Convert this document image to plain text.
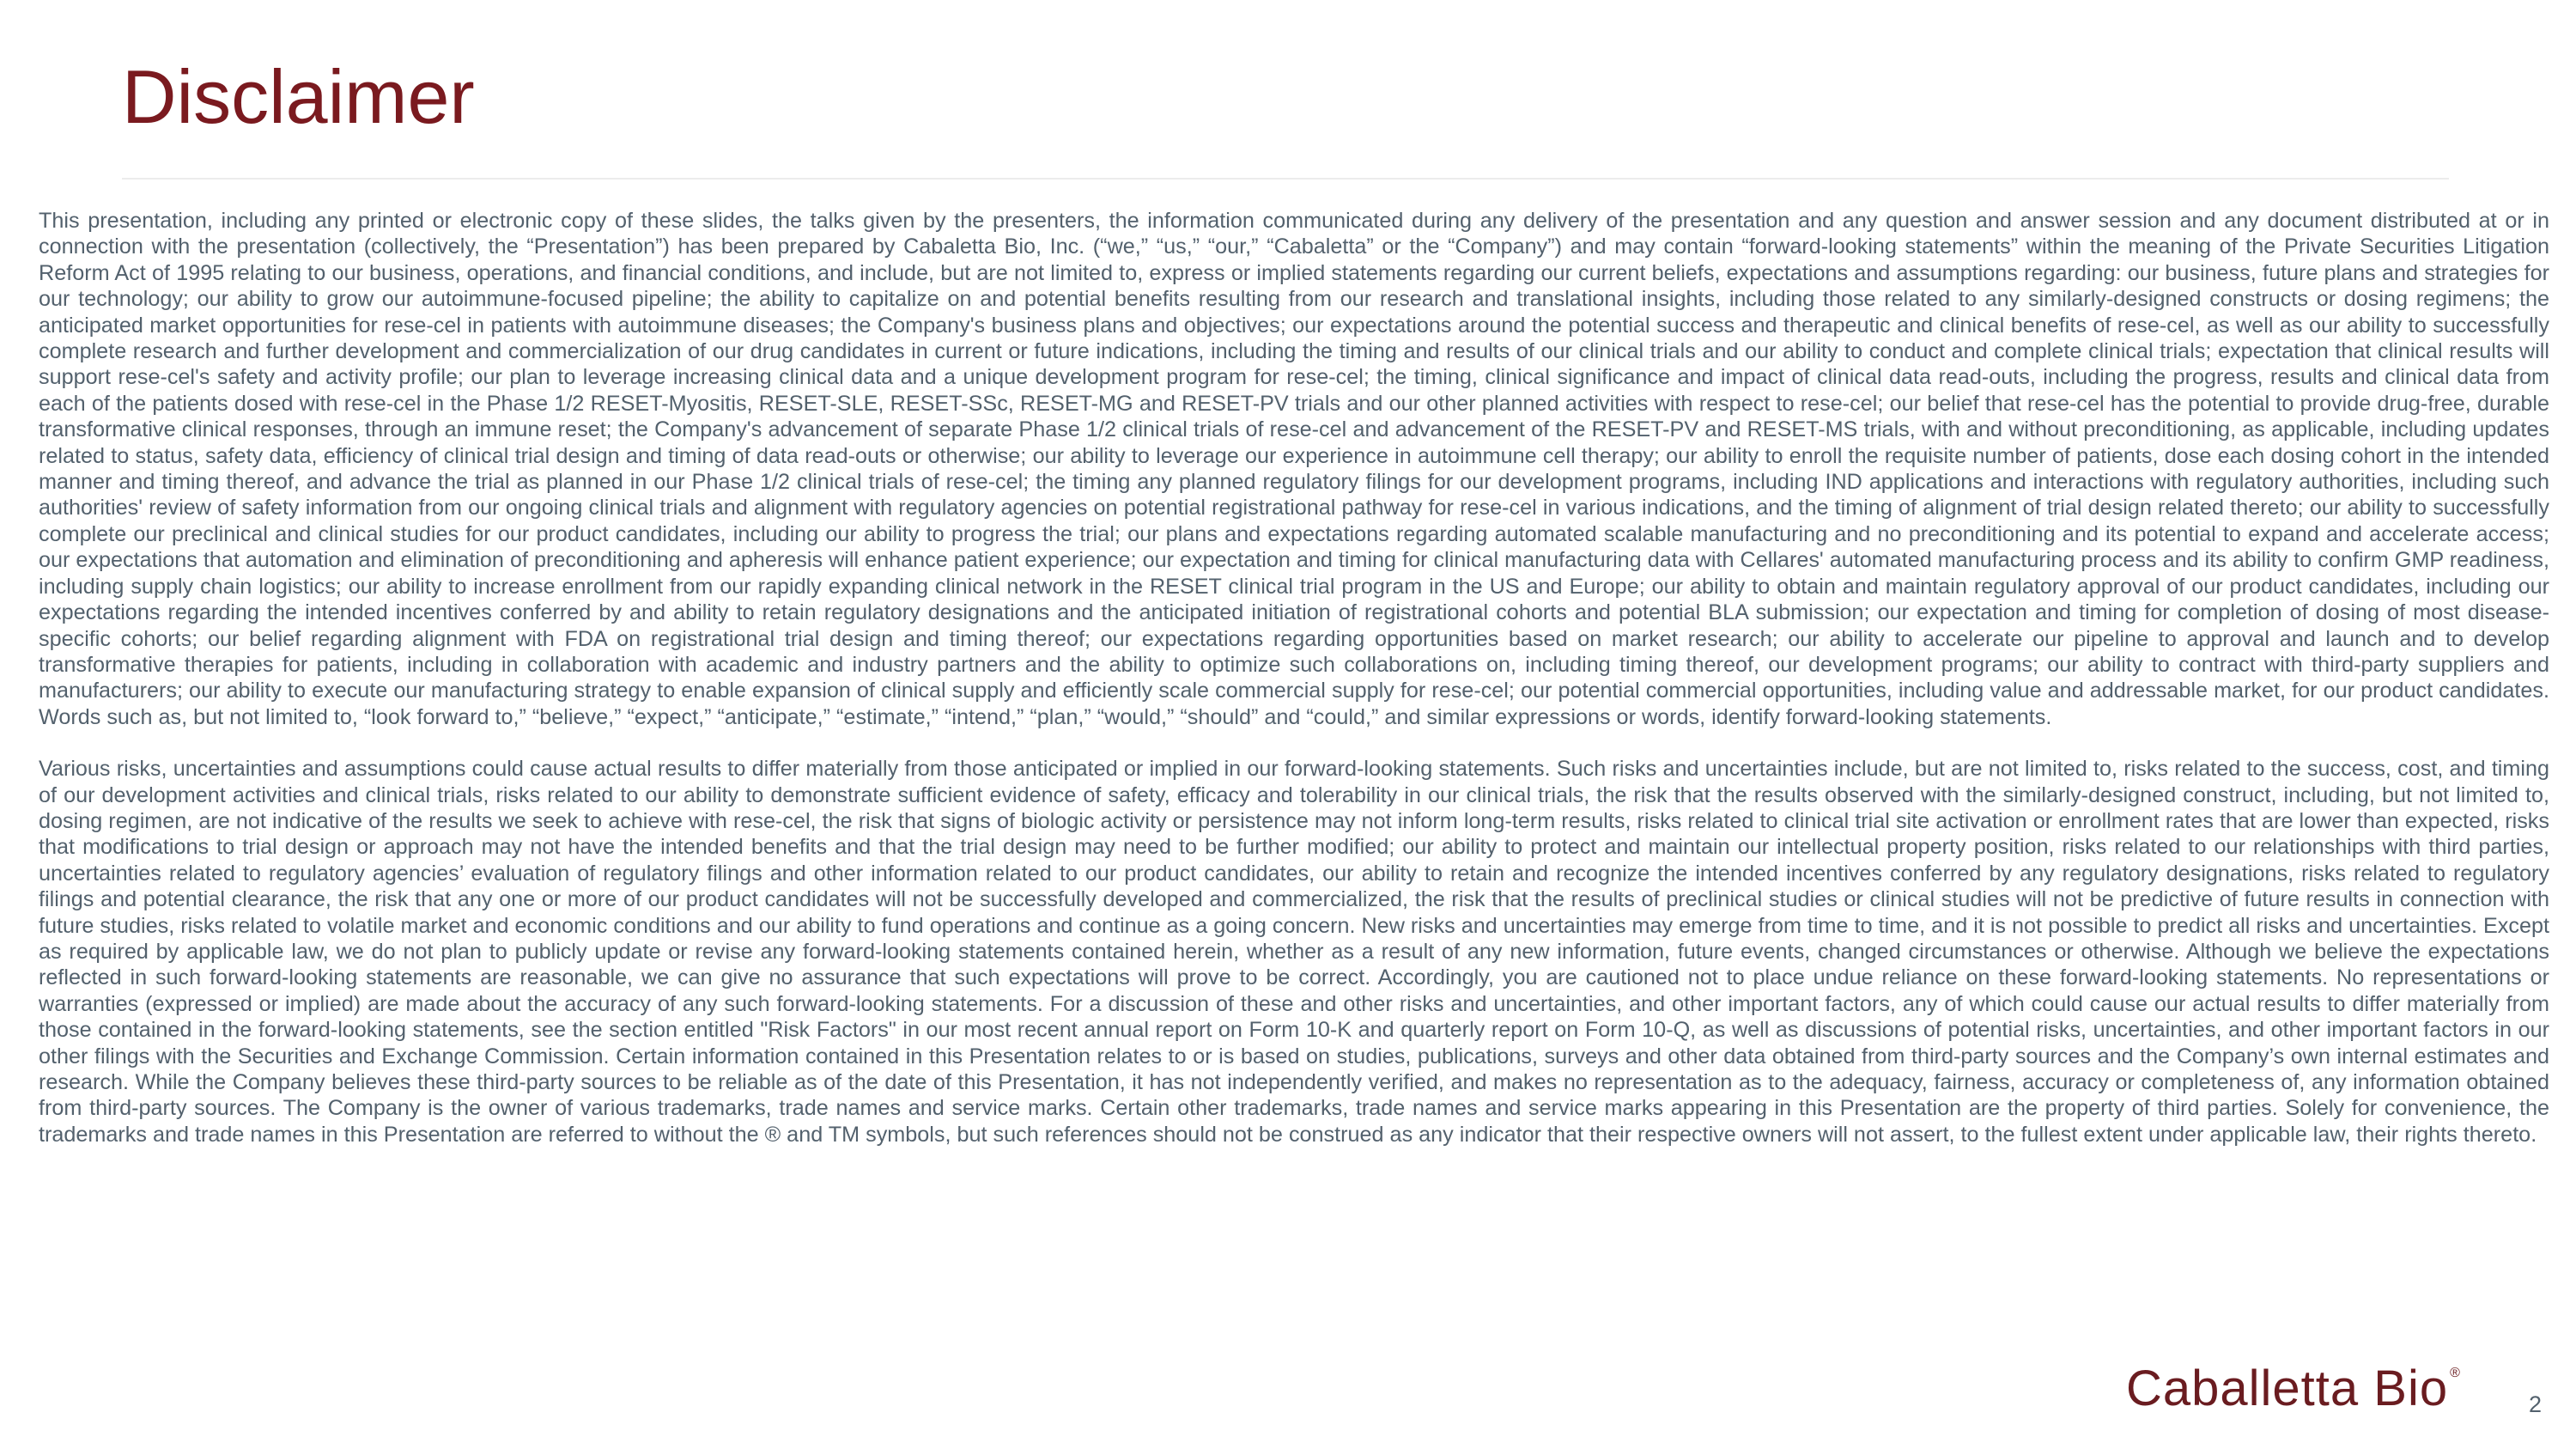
Disclaimer

This presentation, including any printed or electronic copy of these slides, the talks given by the presenters, the information communicated during any delivery of the presentation and any question and answer session and any document distributed at or in connection with the presentation (collectively, the “Presentation”) has been prepared by Cabaletta Bio, Inc. (“we,” “us,” “our,” “Cabaletta” or the “Company”) and may contain “forward-looking statements” within the meaning of the Private Securities Litigation Reform Act of 1995 relating to our business, operations, and financial conditions, and include, but are not limited to, express or implied statements regarding our current beliefs, expectations and assumptions regarding: our business, future plans and strategies for our technology; our ability to grow our autoimmune-focused pipeline; the ability to capitalize on and potential benefits resulting from our research and translational insights, including those related to any similarly-designed constructs or dosing regimens; the anticipated market opportunities for rese-cel in patients with autoimmune diseases; the Company's business plans and objectives; our expectations around the potential success and therapeutic and clinical benefits of rese-cel, as well as our ability to successfully complete research and further development and commercialization of our drug candidates in current or future indications, including the timing and results of our clinical trials and our ability to conduct and complete clinical trials; expectation that clinical results will support rese-cel's safety and activity profile; our plan to leverage increasing clinical data and a unique development program for rese-cel; the timing, clinical significance and impact of clinical data read-outs, including the progress, results and clinical data from each of the patients dosed with rese-cel in the Phase 1/2 RESET-Myositis, RESET-SLE, RESET-SSc, RESET-MG and RESET-PV trials and our other planned activities with respect to rese-cel; our belief that rese-cel has the potential to provide drug-free, durable transformative clinical responses, through an immune reset; the Company's advancement of separate Phase 1/2 clinical trials of rese-cel and advancement of the RESET-PV and RESET-MS trials, with and without preconditioning, as applicable, including updates related to status, safety data, efficiency of clinical trial design and timing of data read-outs or otherwise; our ability to leverage our experience in autoimmune cell therapy; our ability to enroll the requisite number of patients, dose each dosing cohort in the intended manner and timing thereof, and advance the trial as planned in our Phase 1/2 clinical trials of rese-cel; the timing any planned regulatory filings for our development programs, including IND applications and interactions with regulatory authorities, including such authorities' review of safety information from our ongoing clinical trials and alignment with regulatory agencies on potential registrational pathway for rese-cel in various indications, and the timing of alignment of trial design related thereto; our ability to successfully complete our preclinical and clinical studies for our product candidates, including our ability to progress the trial; our plans and expectations regarding automated scalable manufacturing and no preconditioning and its potential to expand and accelerate access; our expectations that automation and elimination of preconditioning and apheresis will enhance patient experience; our expectation and timing for clinical manufacturing data with Cellares' automated manufacturing process and its ability to confirm GMP readiness, including supply chain logistics; our ability to increase enrollment from our rapidly expanding clinical network in the RESET clinical trial program in the US and Europe; our ability to obtain and maintain regulatory approval of our product candidates, including our expectations regarding the intended incentives conferred by and ability to retain regulatory designations and the anticipated initiation of registrational cohorts and potential BLA submission; our expectation and timing for completion of dosing of most disease-specific cohorts; our belief regarding alignment with FDA on registrational trial design and timing thereof; our expectations regarding opportunities based on market research; our ability to accelerate our pipeline to approval and launch and to develop transformative therapies for patients, including in collaboration with academic and industry partners and the ability to optimize such collaborations on, including timing thereof, our development programs; our ability to contract with third-party suppliers and manufacturers; our ability to execute our manufacturing strategy to enable expansion of clinical supply and efficiently scale commercial supply for rese-cel; our potential commercial opportunities, including value and addressable market, for our product candidates. Words such as, but not limited to, “look forward to,” “believe,” “expect,” “anticipate,” “estimate,” “intend,” “plan,” “would,” “should” and “could,” and similar expressions or words, identify forward-looking statements.

Various risks, uncertainties and assumptions could cause actual results to differ materially from those anticipated or implied in our forward-looking statements. Such risks and uncertainties include, but are not limited to, risks related to the success, cost, and timing of our development activities and clinical trials, risks related to our ability to demonstrate sufficient evidence of safety, efficacy and tolerability in our clinical trials, the risk that the results observed with the similarly-designed construct, including, but not limited to, dosing regimen, are not indicative of the results we seek to achieve with rese-cel, the risk that signs of biologic activity or persistence may not inform long-term results, risks related to clinical trial site activation or enrollment rates that are lower than expected, risks that modifications to trial design or approach may not have the intended benefits and that the trial design may need to be further modified; our ability to protect and maintain our intellectual property position, risks related to our relationships with third parties, uncertainties related to regulatory agencies’ evaluation of regulatory filings and other information related to our product candidates, our ability to retain and recognize the intended incentives conferred by any regulatory designations, risks related to regulatory filings and potential clearance, the risk that any one or more of our product candidates will not be successfully developed and commercialized, the risk that the results of preclinical studies or clinical studies will not be predictive of future results in connection with future studies, risks related to volatile market and economic conditions and our ability to fund operations and continue as a going concern. New risks and uncertainties may emerge from time to time, and it is not possible to predict all risks and uncertainties. Except as required by applicable law, we do not plan to publicly update or revise any forward-looking statements contained herein, whether as a result of any new information, future events, changed circumstances or otherwise. Although we believe the expectations reflected in such forward-looking statements are reasonable, we can give no assurance that such expectations will prove to be correct. Accordingly, you are cautioned not to place undue reliance on these forward-looking statements. No representations or warranties (expressed or implied) are made about the accuracy of any such forward-looking statements. For a discussion of these and other risks and uncertainties, and other important factors, any of which could cause our actual results to differ materially from those contained in the forward-looking statements, see the section entitled "Risk Factors" in our most recent annual report on Form 10-K and quarterly report on Form 10-Q, as well as discussions of potential risks, uncertainties, and other important factors in our other filings with the Securities and Exchange Commission. Certain information contained in this Presentation relates to or is based on studies, publications, surveys and other data obtained from third-party sources and the Company’s own internal estimates and research. While the Company believes these third-party sources to be reliable as of the date of this Presentation, it has not independently verified, and makes no representation as to the adequacy, fairness, accuracy or completeness of, any information obtained from third-party sources. The Company is the owner of various trademarks, trade names and service marks. Certain other trademarks, trade names and service marks appearing in this Presentation are the property of third parties. Solely for convenience, the trademarks and trade names in this Presentation are referred to without the ® and TM symbols, but such references should not be construed as any indicator that their respective owners will not assert, to the fullest extent under applicable law, their rights thereto.

Caballetta Bio ®
2
